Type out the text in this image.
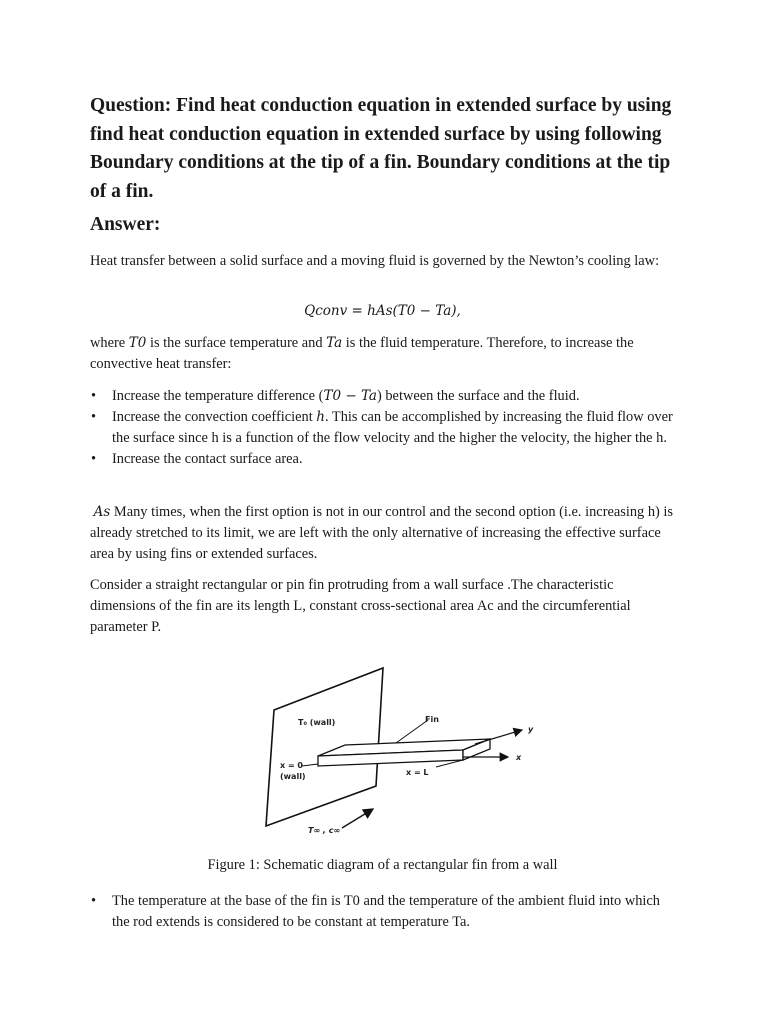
Question: Find heat conduction equation in extended surface by using find heat conduction equation in extended surface by using following Boundary conditions at the tip of a fin. Boundary conditions at the tip of a fin.

Answer:

Heat transfer between a solid surface and a moving fluid is governed by the Newton’s cooling law:

Qconv = hAs(T0 − Ta),

where T0 is the surface temperature and Ta is the fluid temperature. Therefore, to increase the convective heat transfer:

• Increase the temperature difference (T0 − Ta) between the surface and the fluid.
• Increase the convection coefficient h. This can be accomplished by increasing the fluid flow over the surface since h is a function of the flow velocity and the higher the velocity, the higher the h.
• Increase the contact surface area.

As Many times, when the first option is not in our control and the second option (i.e. increasing h) is already stretched to its limit, we are left with the only alternative of increasing the effective surface area by using fins or extended surfaces.

Consider a straight rectangular or pin fin protruding from a wall surface .The characteristic dimensions of the fin are its length L, constant cross-sectional area Ac and the circumferential parameter P.

T₀ (wall)	Fin
x = 0
(wall)	x = L
x
y
T∞ , c∞
Figure 1: Schematic diagram of a rectangular fin from a wall
• The temperature at the base of the fin is T0 and the temperature of the ambient fluid into which the rod extends is considered to be constant at temperature Ta.
